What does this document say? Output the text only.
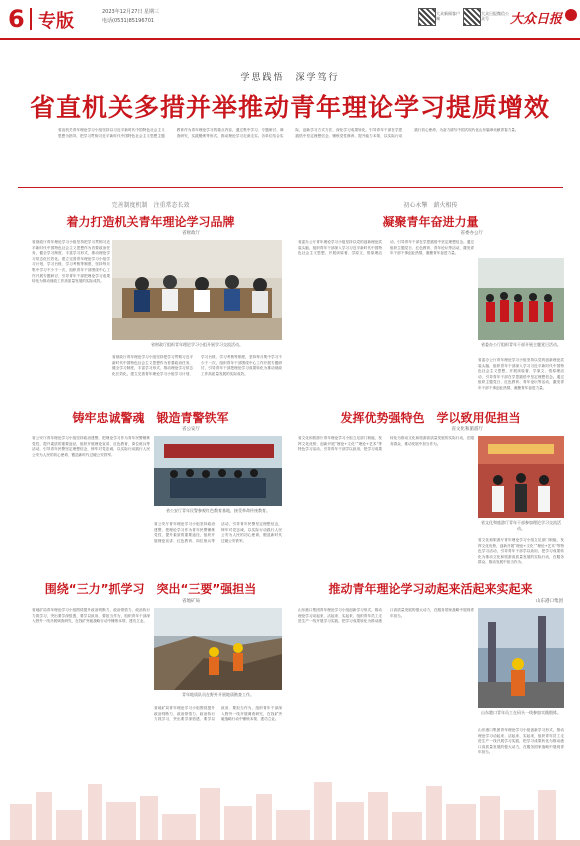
6 专版	2023年12月27日 星期三
电话(0531)85196701
大众新闻客户端
大众日报微信公众号	大众日报
学思践悟　深学笃行
省直机关多措并举推动青年理论学习提质增效
省直机关青年理论学习小组坚持以习近平新时代中国特色社会主义思想为指导，把学习贯彻习近平新时代中国特色社会主义思想主题教育作为青年理论学习的重点内容，通过集中学习、专题研讨、调查研究、实践锻炼等形式，推动理论学习走深走实。各单位结合实际，创新学习方式方法，深化学习成果转化，引导青年干部在学思践悟中坚定理想信念、锤炼党性修养、提升能力本领，以实际行动践行初心使命，为奋力谱写中国式现代化山东篇章贡献青春力量。
完善制度机制　注重常态长效
着力打造机关青年理论学习品牌
省财政厅
省财政厅青年理论学习小组坚持把学习贯彻习近平新时代中国特色社会主义思想作为首要政治任务，健全学习制度，丰富学习形式，推动理论学习常态化长效化。建立完善青年理论学习小组学习计划、学习台账、学习考核等制度，坚持每月集中学习不少于一次，组织青年干部围绕中心工作开展专题研讨，引导青年干部把理论学习成果转化为推动财政工作高质量发展的实际成效。
省财政厅组织青年理论学习小组开展学习交流活动。
省财政厅青年理论学习小组坚持把学习贯彻习近平新时代中国特色社会主义思想作为首要政治任务，健全学习制度，丰富学习形式，推动理论学习常态化长效化。建立完善青年理论学习小组学习计划、学习台账、学习考核等制度，坚持每月集中学习不少于一次，组织青年干部围绕中心工作开展专题研讨，引导青年干部把理论学习成果转化为推动财政工作高质量发展的实际成效。
初心永擎　薪火相传
凝聚青年奋进力量
省委办公厅
省委办公厅青年理论学习小组坚持以党的创新理论武装头脑，组织青年干部深入学习习近平新时代中国特色社会主义思想，开展读原著、学原文、悟原理活动，引导青年干部在学思践悟中坚定理想信念。通过组织主题党日、红色教育、青年论坛等活动，激发青年干部干事创业热情，凝聚青年奋进力量。
省委办公厅组织青年干部开展主题党日活动。
省委办公厅青年理论学习小组坚持以党的创新理论武装头脑，组织青年干部深入学习习近平新时代中国特色社会主义思想，开展读原著、学原文、悟原理活动，引导青年干部在学思践悟中坚定理想信念。通过组织主题党日、红色教育、青年论坛等活动，激发青年干部干事创业热情，凝聚青年奋进力量。
铸牢忠诚警魂　锻造青警铁军
省公安厅
省公安厅青年理论学习小组坚持政治建警，把理论学习作为青年民警锤炼党性、提升素质的重要途径，组织开展理论宣讲、红色教育、岗位练兵等活动，引导青年民警坚定理想信念，铸牢对党忠诚，以实际行动践行人民公安为人民的初心使命，锻造新时代过硬公安铁军。
省公安厅青年民警参观红色教育基地，接受革命传统教育。
省公安厅青年理论学习小组坚持政治建警，把理论学习作为青年民警锤炼党性、提升素质的重要途径，组织开展理论宣讲、红色教育、岗位练兵等活动，引导青年民警坚定理想信念，铸牢对党忠诚，以实际行动践行人民公安为人民的初心使命，锻造新时代过硬公安铁军。
发挥优势强特色　学以致用促担当
省文化和旅游厅
省文化和旅游厅青年理论学习小组立足部门职能，发挥文化优势，创新开展“理论+文化”“理论+艺术”等特色学习活动，引导青年干部学以致用，把学习成果转化为推动文化和旅游高质量发展的实际行动，在服务群众、推动发展中担当作为。
省文化和旅游厅青年干部参加理论学习交流活动。
省文化和旅游厅青年理论学习小组立足部门职能，发挥文化优势，创新开展“理论+文化”“理论+艺术”等特色学习活动，引导青年干部学以致用，把学习成果转化为推动文化和旅游高质量发展的实际行动，在服务群众、推动发展中担当作为。
围绕“三力”抓学习　突出“三要”强担当
省地矿局
省地矿局青年理论学习小组围绕提升政治判断力、政治领悟力、政治执行力抓学习，突出要学深悟透、要学以致用、要担当作为，组织青年干部深入野外一线开展调查研究，在找矿突破战略行动中锤炼本领、建功立业。
青年地质队员在野外开展地质勘查工作。
省地矿局青年理论学习小组围绕提升政治判断力、政治领悟力、政治执行力抓学习，突出要学深悟透、要学以致用、要担当作为，组织青年干部深入野外一线开展调查研究，在找矿突破战略行动中锤炼本领、建功立业。
推动青年理论学习动起来活起来实起来
山东港口集团
山东港口集团青年理论学习小组创新学习形式，推动理论学习动起来、活起来、实起来，组织青年员工走进生产一线开展学习实践，把学习成果转化为推动港口高质量发展的强大动力，在服务国家战略中展现青年担当。
山东港口青年员工在码头一线参加实践锻炼。
山东港口集团青年理论学习小组创新学习形式，推动理论学习动起来、活起来、实起来，组织青年员工走进生产一线开展学习实践，把学习成果转化为推动港口高质量发展的强大动力，在服务国家战略中展现青年担当。
